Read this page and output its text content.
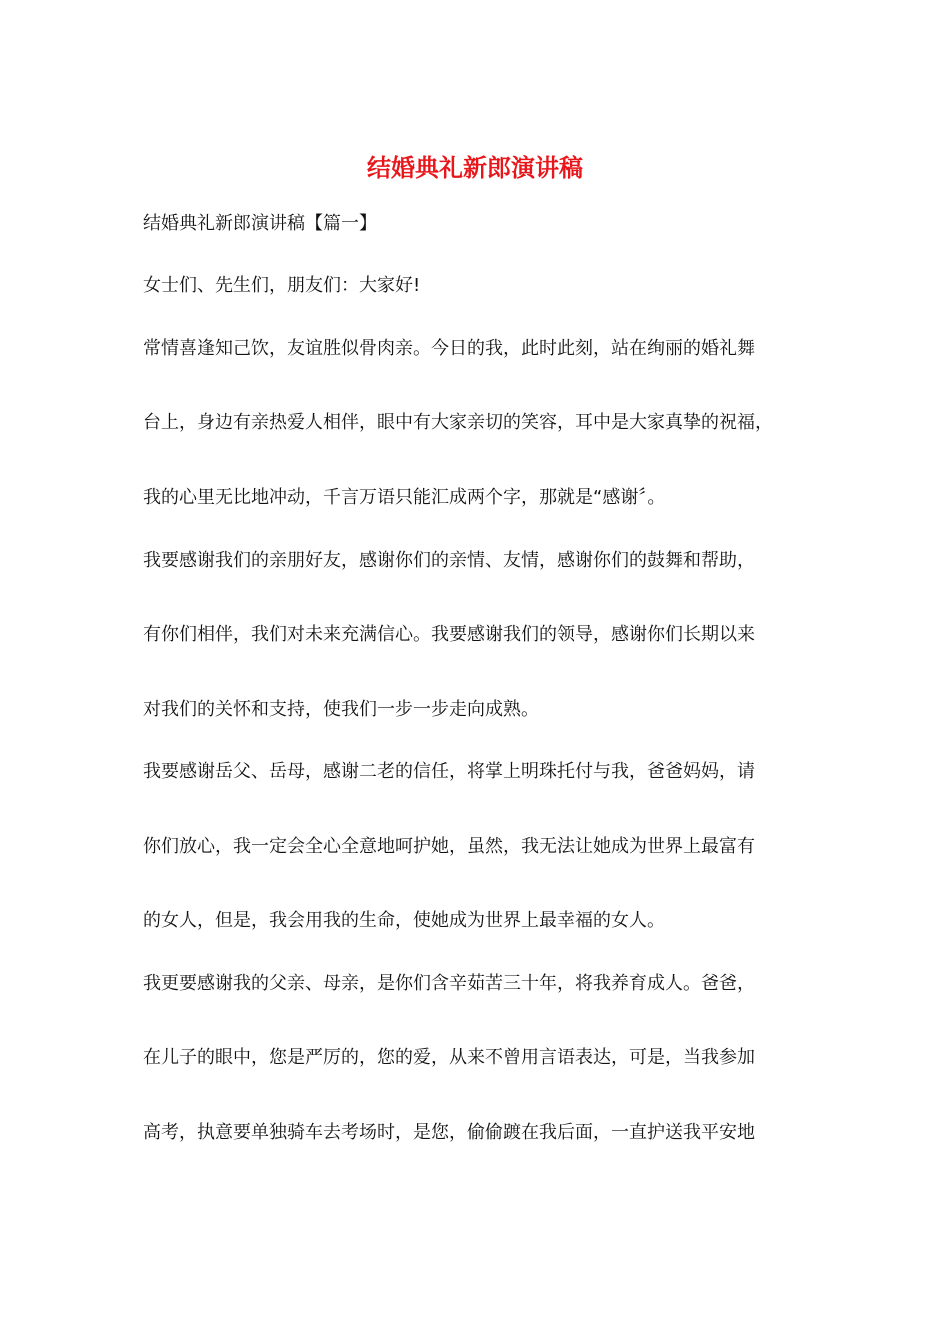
结婚典礼新郎演讲稿

结婚典礼新郎演讲稿【篇一】

女士们、先生们，朋友们：大家好!

常情喜逢知己饮，友谊胜似骨肉亲。今日的我，此时此刻，站在绚丽的婚礼舞

台上，身边有亲热爱人相伴，眼中有大家亲切的笑容，耳中是大家真挚的祝福，

我的心里无比地冲动，千言万语只能汇成两个字，那就是“感谢〞。

我要感谢我们的亲朋好友，感谢你们的亲情、友情，感谢你们的鼓舞和帮助，

有你们相伴，我们对未来充满信心。我要感谢我们的领导，感谢你们长期以来

对我们的关怀和支持，使我们一步一步走向成熟。

我要感谢岳父、岳母，感谢二老的信任，将掌上明珠托付与我，爸爸妈妈，请

你们放心，我一定会全心全意地呵护她，虽然，我无法让她成为世界上最富有

的女人，但是，我会用我的生命，使她成为世界上最幸福的女人。

我更要感谢我的父亲、母亲，是你们含辛茹苦三十年，将我养育成人。爸爸，

在儿子的眼中，您是严厉的，您的爱，从来不曾用言语表达，可是，当我参加

高考，执意要单独骑车去考场时，是您，偷偷踱在我后面，一直护送我平安地
